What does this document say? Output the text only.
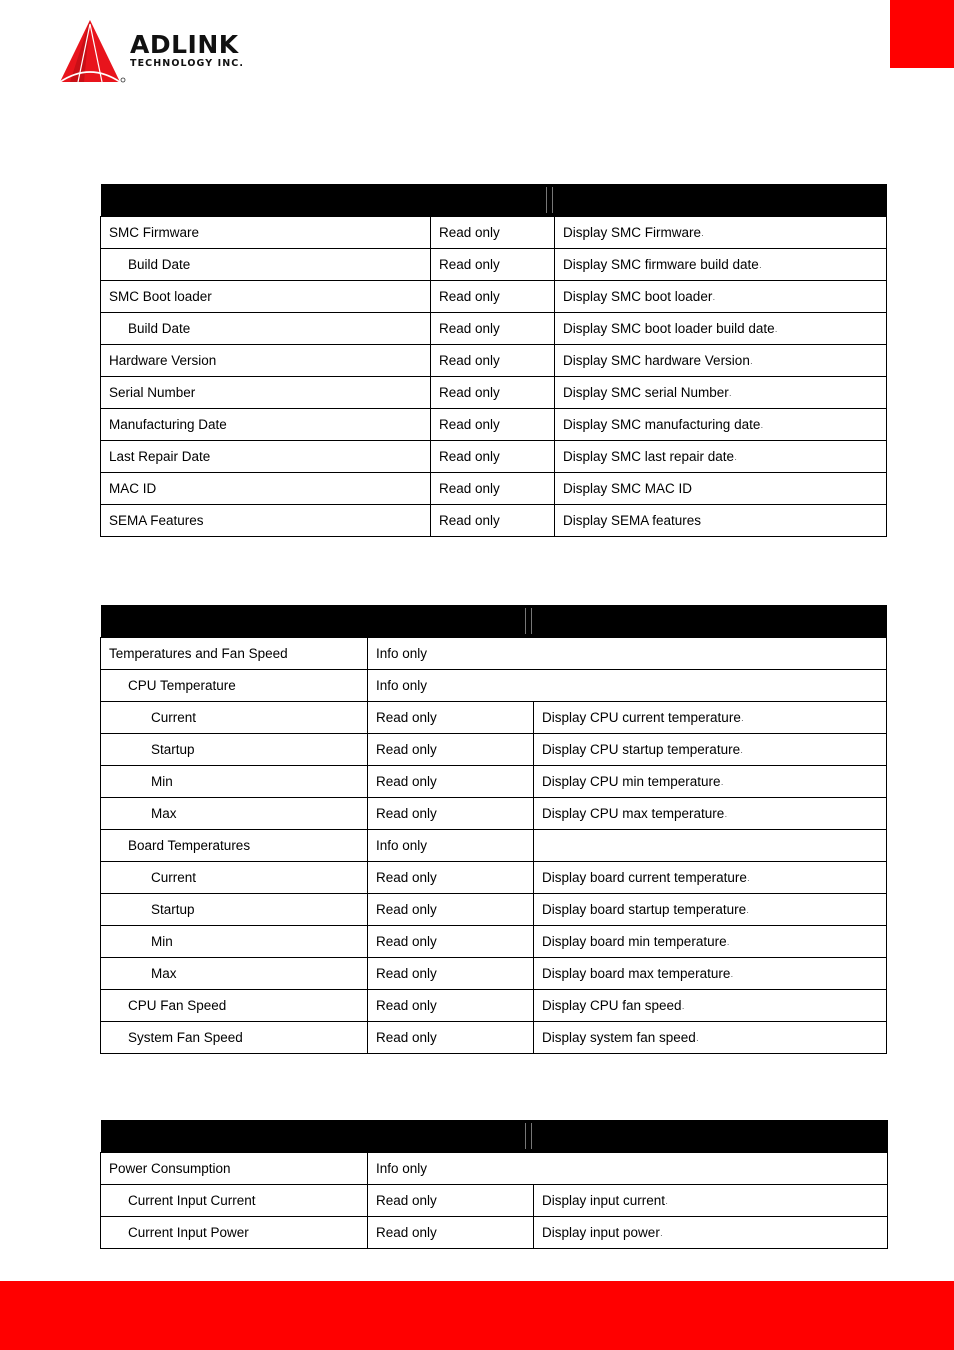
ADLINK
TECHNOLOGY INC.

SMC Firmware	Read only	Display SMC Firmware ·
Build Date	Read only	Display SMC firmware build date ·
SMC Boot loader	Read only	Display SMC boot loader ·
Build Date	Read only	Display SMC boot loader build date ·
Hardware Version	Read only	Display SMC hardware Version ·
Serial Number	Read only	Display SMC serial Number ·
Manufacturing Date	Read only	Display SMC manufacturing date ·
Last Repair Date	Read only	Display SMC last repair date ·
MAC ID	Read only	Display SMC MAC ID
SEMA Features	Read only	Display SEMA features

Temperatures and Fan Speed	Info only	
CPU Temperature	Info only	
Current	Read only	Display CPU current temperature ·
Startup	Read only	Display CPU startup temperature ·
Min	Read only	Display CPU min temperature ·
Max	Read only	Display CPU max temperature ·
Board Temperatures	Info only	
Current	Read only	Display board current temperature ·
Startup	Read only	Display board startup temperature ·
Min	Read only	Display board min temperature ·
Max	Read only	Display board max temperature ·
CPU Fan Speed	Read only	Display CPU fan speed ·
System Fan Speed	Read only	Display system fan speed ·

Power Consumption	Info only	
Current Input Current	Read only	Display input current ·
Current Input Power	Read only	Display input power ·
